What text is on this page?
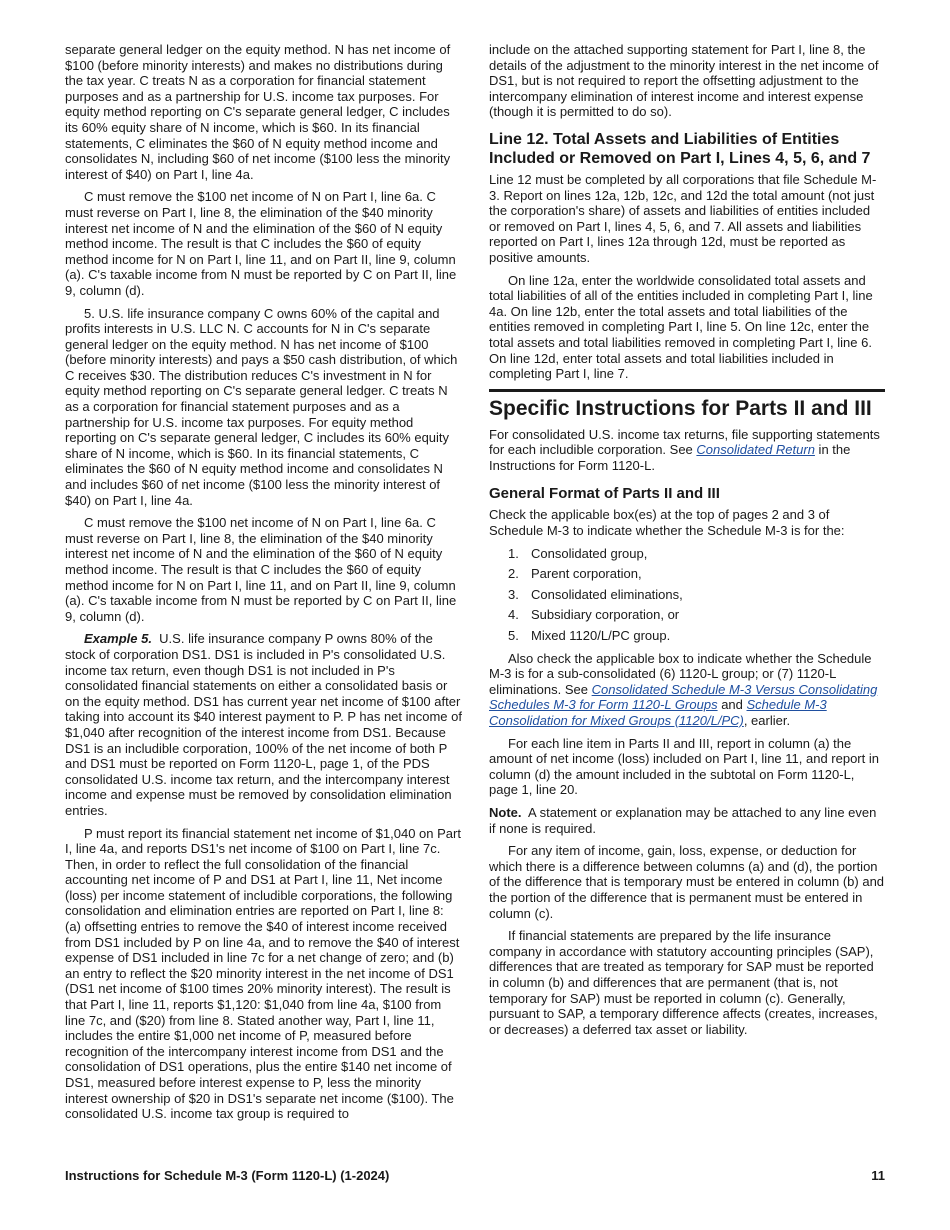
separate general ledger on the equity method. N has net income of $100 (before minority interests) and makes no distributions during the tax year. C treats N as a corporation for financial statement purposes and as a partnership for U.S. income tax purposes. For equity method reporting on C's separate general ledger, C includes its 60% equity share of N income, which is $60. In its financial statements, C eliminates the $60 of N equity method income and consolidates N, including $60 of net income ($100 less the minority interest of $40) on Part I, line 4a.

C must remove the $100 net income of N on Part I, line 6a. C must reverse on Part I, line 8, the elimination of the $40 minority interest net income of N and the elimination of the $60 of N equity method income. The result is that C includes the $60 of equity method income for N on Part I, line 11, and on Part II, line 9, column (a). C's taxable income from N must be reported by C on Part II, line 9, column (d).

5. U.S. life insurance company C owns 60% of the capital and profits interests in U.S. LLC N. C accounts for N in C's separate general ledger on the equity method. N has net income of $100 (before minority interests) and pays a $50 cash distribution, of which C receives $30. The distribution reduces C's investment in N for equity method reporting on C's separate general ledger. C treats N as a corporation for financial statement purposes and as a partnership for U.S. income tax purposes. For equity method reporting on C's separate general ledger, C includes its 60% equity share of N income, which is $60. In its financial statements, C eliminates the $60 of N equity method income and consolidates N and includes $60 of net income ($100 less the minority interest of $40) on Part I, line 4a.

C must remove the $100 net income of N on Part I, line 6a. C must reverse on Part I, line 8, the elimination of the $40 minority interest net income of N and the elimination of the $60 of N equity method income. The result is that C includes the $60 of equity method income for N on Part I, line 11, and on Part II, line 9, column (a). C's taxable income from N must be reported by C on Part II, line 9, column (d).

Example 5. U.S. life insurance company P owns 80% of the stock of corporation DS1. DS1 is included in P's consolidated U.S. income tax return, even though DS1 is not included in P's consolidated financial statements on either a consolidated basis or on the equity method. DS1 has current year net income of $100 after taking into account its $40 interest payment to P. P has net income of $1,040 after recognition of the interest income from DS1. Because DS1 is an includible corporation, 100% of the net income of both P and DS1 must be reported on Form 1120-L, page 1, of the PDS consolidated U.S. income tax return, and the intercompany interest income and expense must be removed by consolidation elimination entries.

P must report its financial statement net income of $1,040 on Part I, line 4a, and reports DS1's net income of $100 on Part I, line 7c. Then, in order to reflect the full consolidation of the financial accounting net income of P and DS1 at Part I, line 11, Net income (loss) per income statement of includible corporations, the following consolidation and elimination entries are reported on Part I, line 8: (a) offsetting entries to remove the $40 of interest income received from DS1 included by P on line 4a, and to remove the $40 of interest expense of DS1 included in line 7c for a net change of zero; and (b) an entry to reflect the $20 minority interest in the net income of DS1 (DS1 net income of $100 times 20% minority interest). The result is that Part I, line 11, reports $1,120: $1,040 from line 4a, $100 from line 7c, and ($20) from line 8. Stated another way, Part I, line 11, includes the entire $1,000 net income of P, measured before recognition of the intercompany interest income from DS1 and the consolidation of DS1 operations, plus the entire $140 net income of DS1, measured before interest expense to P, less the minority interest ownership of $20 in DS1's separate net income ($100). The consolidated U.S. income tax group is required to

include on the attached supporting statement for Part I, line 8, the details of the adjustment to the minority interest in the net income of DS1, but is not required to report the offsetting adjustment to the intercompany elimination of interest income and interest expense (though it is permitted to do so).

Line 12. Total Assets and Liabilities of Entities Included or Removed on Part I, Lines 4, 5, 6, and 7

Line 12 must be completed by all corporations that file Schedule M-3. Report on lines 12a, 12b, 12c, and 12d the total amount (not just the corporation's share) of assets and liabilities of entities included or removed on Part I, lines 4, 5, 6, and 7. All assets and liabilities reported on Part I, lines 12a through 12d, must be reported as positive amounts.

On line 12a, enter the worldwide consolidated total assets and total liabilities of all of the entities included in completing Part I, line 4a. On line 12b, enter the total assets and total liabilities of the entities removed in completing Part I, line 5. On line 12c, enter the total assets and total liabilities removed in completing Part I, line 6. On line 12d, enter total assets and total liabilities included in completing Part I, line 7.

Specific Instructions for Parts II and III

For consolidated U.S. income tax returns, file supporting statements for each includible corporation. See Consolidated Return in the Instructions for Form 1120-L.

General Format of Parts II and III

Check the applicable box(es) at the top of pages 2 and 3 of Schedule M-3 to indicate whether the Schedule M-3 is for the:

1. Consolidated group,
2. Parent corporation,
3. Consolidated eliminations,
4. Subsidiary corporation, or
5. Mixed 1120/L/PC group.

Also check the applicable box to indicate whether the Schedule M-3 is for a sub-consolidated (6) 1120-L group; or (7) 1120-L eliminations. See Consolidated Schedule M-3 Versus Consolidating Schedules M-3 for Form 1120-L Groups and Schedule M-3 Consolidation for Mixed Groups (1120/L/PC), earlier.

For each line item in Parts II and III, report in column (a) the amount of net income (loss) included on Part I, line 11, and report in column (d) the amount included in the subtotal on Form 1120-L, page 1, line 20.

Note. A statement or explanation may be attached to any line even if none is required.

For any item of income, gain, loss, expense, or deduction for which there is a difference between columns (a) and (d), the portion of the difference that is temporary must be entered in column (b) and the portion of the difference that is permanent must be entered in column (c).

If financial statements are prepared by the life insurance company in accordance with statutory accounting principles (SAP), differences that are treated as temporary for SAP must be reported in column (b) and differences that are permanent (that is, not temporary for SAP) must be reported in column (c). Generally, pursuant to SAP, a temporary difference affects (creates, increases, or decreases) a deferred tax asset or liability.

Instructions for Schedule M-3 (Form 1120-L) (1-2024)	11
